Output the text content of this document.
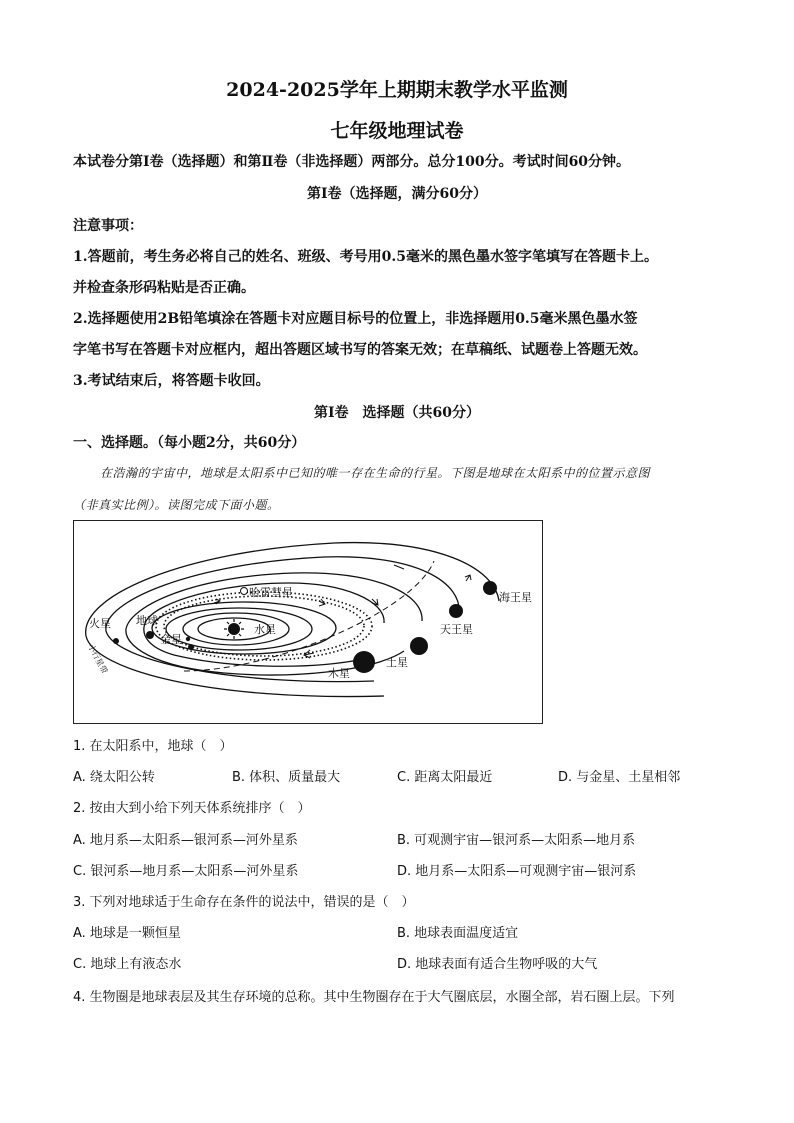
2024-2025学年上期期末教学水平监测
七年级地理试卷
本试卷分第Ⅰ卷（选择题）和第Ⅱ卷（非选择题）两部分。总分100分。考试时间60分钟。
第Ⅰ卷（选择题，满分60分）
注意事项：
1.答题前，考生务必将自己的姓名、班级、考号用0.5毫米的黑色墨水签字笔填写在答题卡上。
并检查条形码粘贴是否正确。
2.选择题使用2B铅笔填涂在答题卡对应题目标号的位置上，非选择题用0.5毫米黑色墨水签
字笔书写在答题卡对应框内，超出答题区域书写的答案无效；在草稿纸、试题卷上答题无效。
3.考试结束后，将答题卡收回。
第Ⅰ卷　选择题（共60分）
一、选择题。（每小题2分，共60分）
在浩瀚的宇宙中，地球是太阳系中已知的唯一存在生命的行星。下图是地球在太阳系中的位置示意图
（非真实比例）。读图完成下面小题。
哈雷彗星
火星 地球
金星
水星
木星
土星
天王星
海王星
小行星带
1. 在太阳系中，地球（　）
A. 绕太阳公转	B. 体积、质量最大	C. 距离太阳最近	D. 与金星、土星相邻
2. 按由大到小给下列天体系统排序（　）
A. 地月系—太阳系—银河系—河外星系	B. 可观测宇宙—银河系—太阳系—地月系
C. 银河系—地月系—太阳系—河外星系	D. 地月系—太阳系—可观测宇宙—银河系
3. 下列对地球适于生命存在条件的说法中，错误的是（　）
A. 地球是一颗恒星	B. 地球表面温度适宜
C. 地球上有液态水	D. 地球表面有适合生物呼吸的大气
4. 生物圈是地球表层及其生存环境的总称。其中生物圈存在于大气圈底层，水圈全部，岩石圈上层。下列
